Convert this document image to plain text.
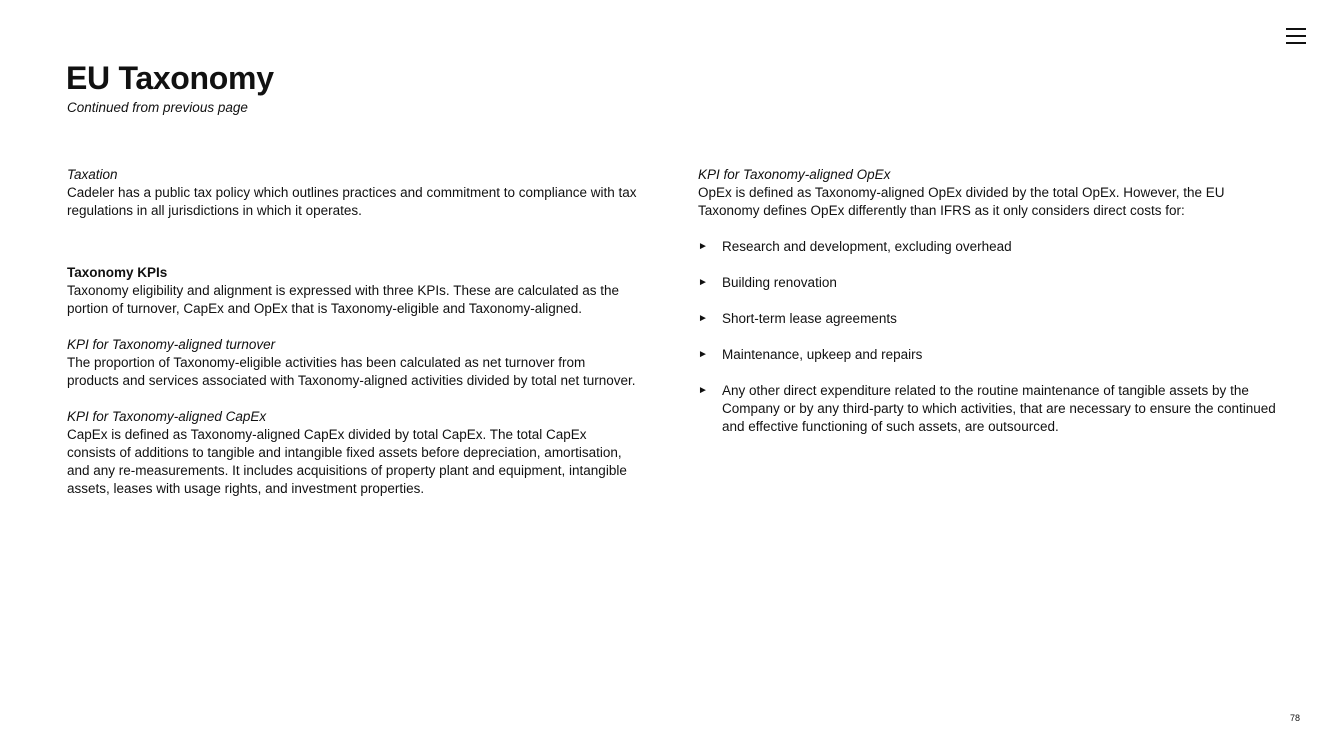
EU Taxonomy

Continued from previous page

Taxation
Cadeler has a public tax policy which outlines practices and commitment to compliance with tax regulations in all jurisdictions in which it operates.
Taxonomy KPIs
Taxonomy eligibility and alignment is expressed with three KPIs. These are calculated as the portion of turnover, CapEx and OpEx that is Taxonomy-eligible and Taxonomy-aligned.
KPI for Taxonomy-aligned turnover
The proportion of Taxonomy-eligible activities has been calculated as net turnover from products and services associated with Taxonomy-aligned activities divided by total net turnover.
KPI for Taxonomy-aligned CapEx
CapEx is defined as Taxonomy-aligned CapEx divided by total CapEx. The total CapEx consists of additions to tangible and intangible fixed assets before depreciation, amortisation, and any re-measurements. It includes acquisitions of property plant and equipment, intangible assets, leases with usage rights, and investment properties.
KPI for Taxonomy-aligned OpEx
OpEx is defined as Taxonomy-aligned OpEx divided by the total OpEx. However, the EU Taxonomy defines OpEx differently than IFRS as it only considers direct costs for:
► Research and development, excluding overhead
► Building renovation
► Short-term lease agreements
► Maintenance, upkeep and repairs
► Any other direct expenditure related to the routine maintenance of tangible assets by the Company or by any third-party to which activities, that are necessary to ensure the continued and effective functioning of such assets, are outsourced.
78
